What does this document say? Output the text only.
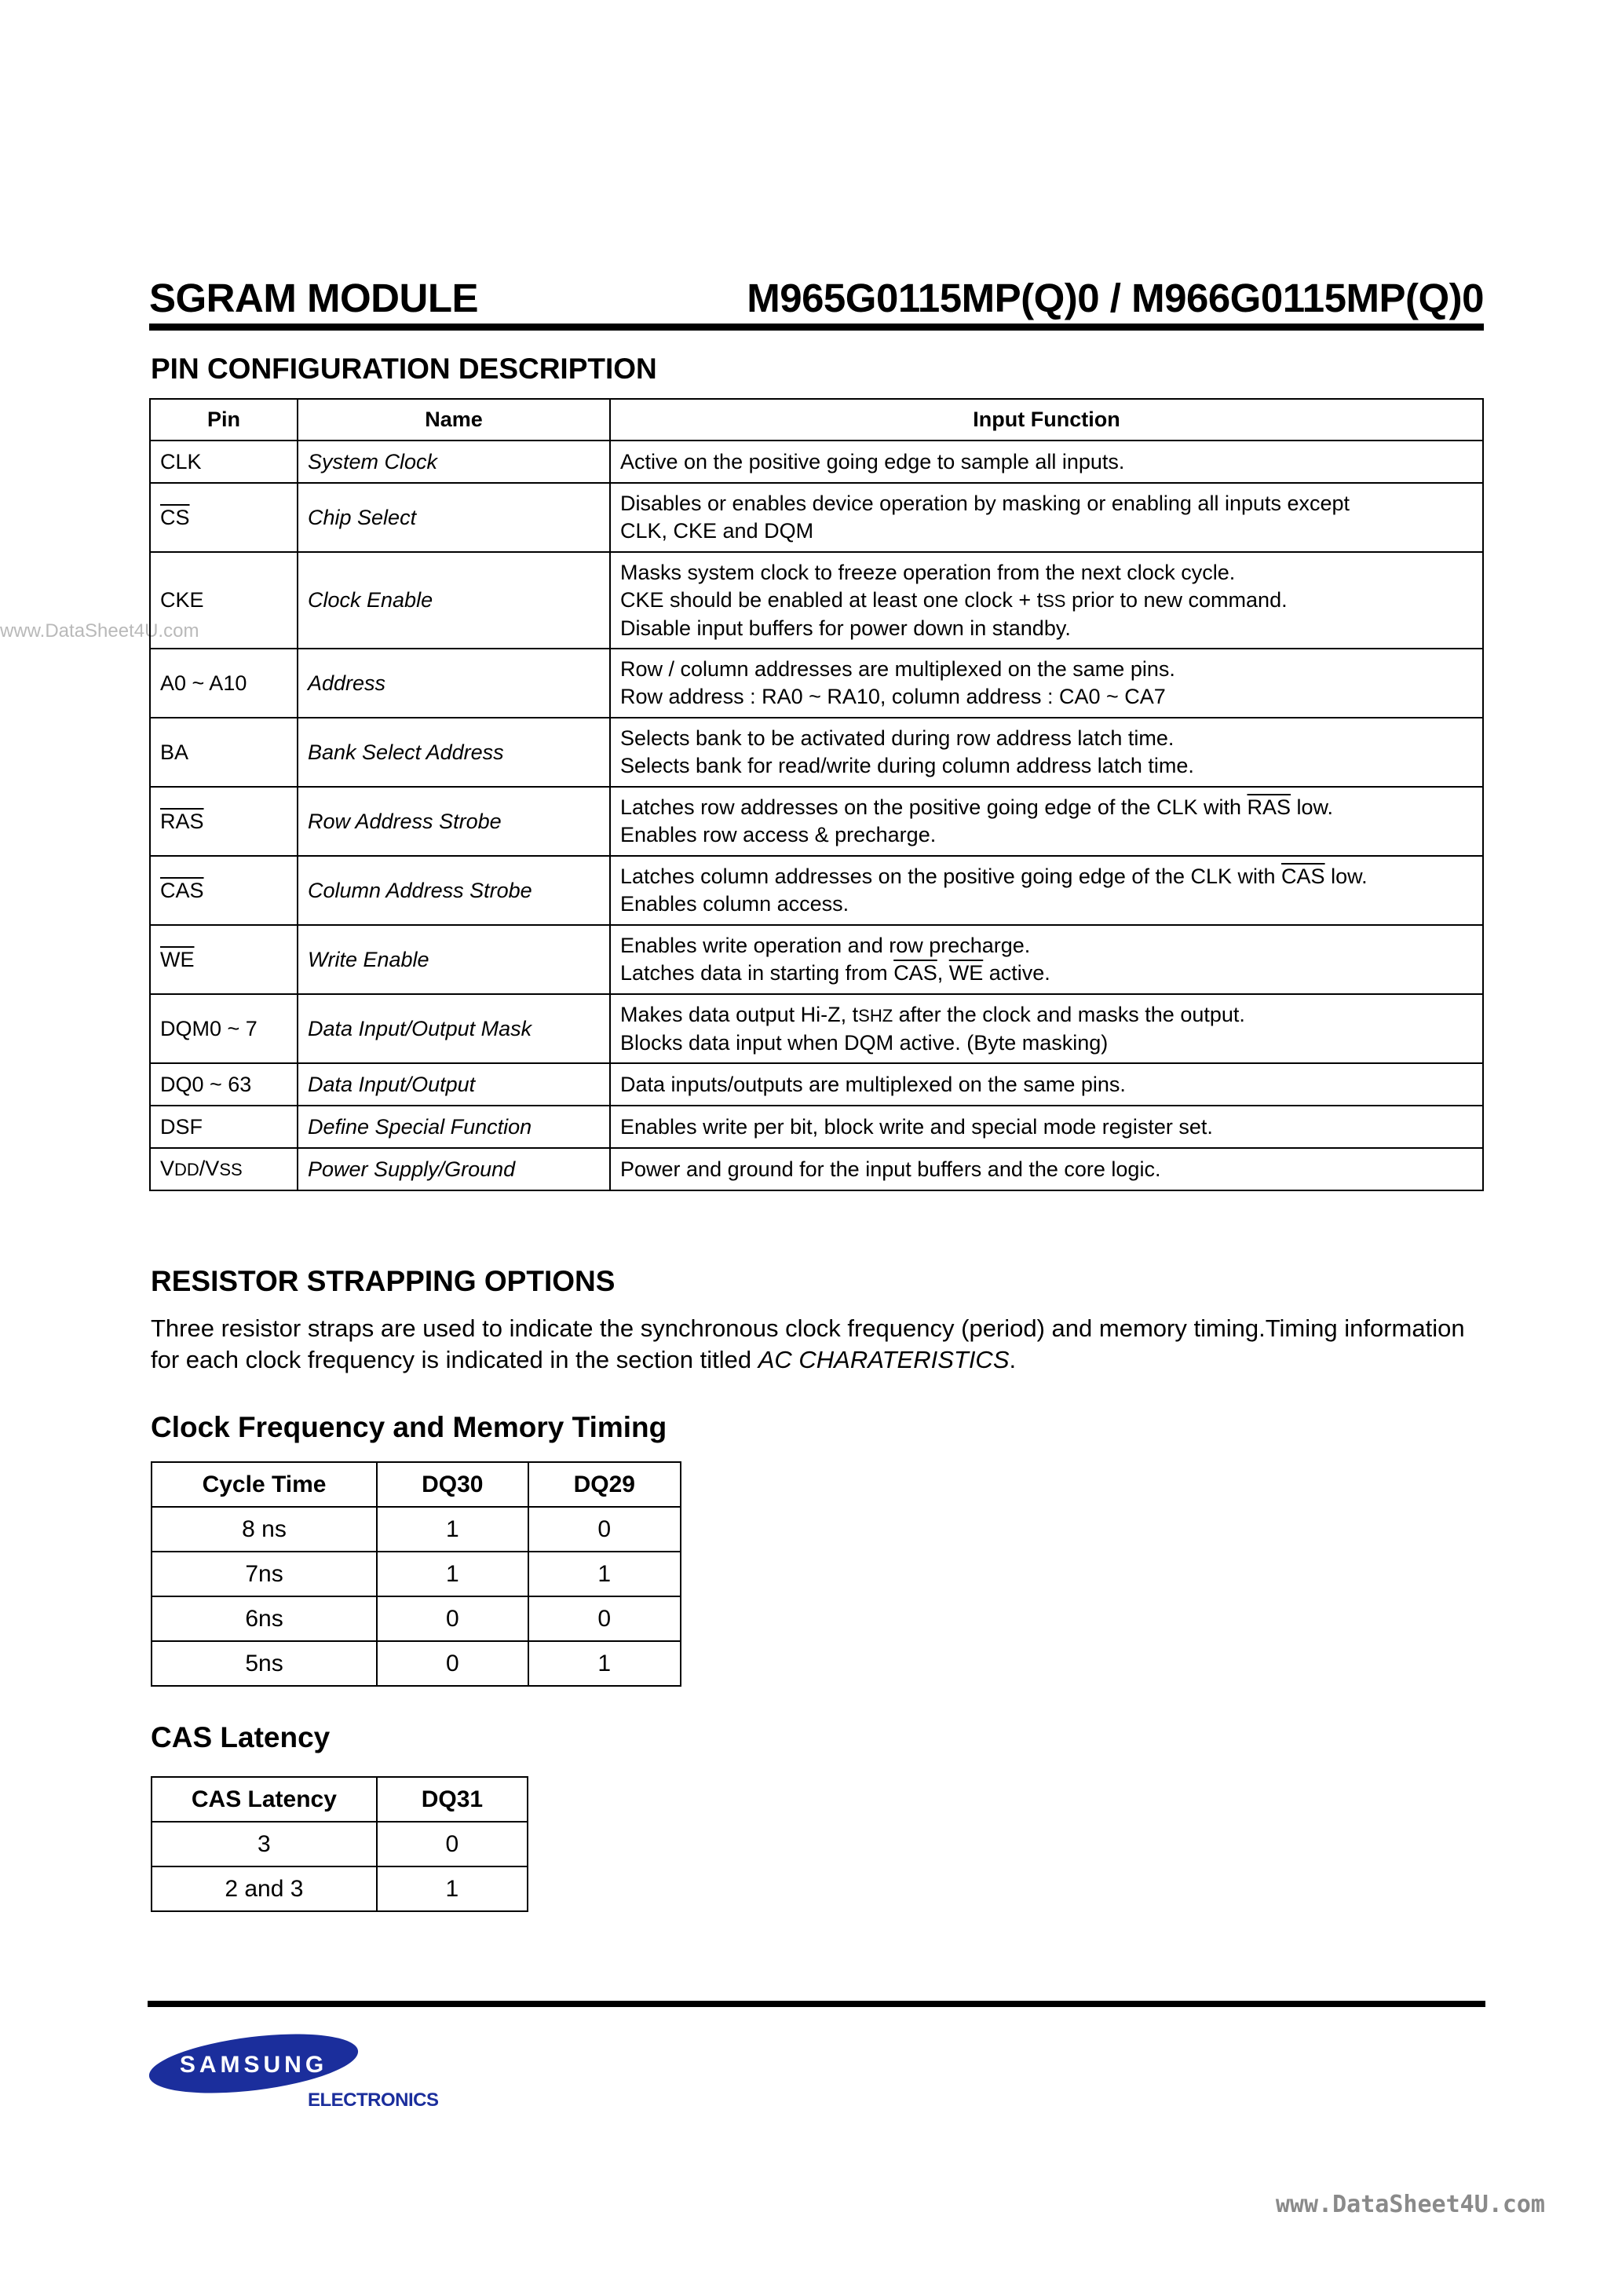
www.DataSheet4U.com
SGRAM MODULE	M965G0115MP(Q)0 / M966G0115MP(Q)0
PIN CONFIGURATION DESCRIPTION
Pin	Name	Input Function
CLK	System Clock	Active on the positive going edge to sample all inputs.
$\overline{CS}$	Chip Select	Disables or enables device operation by masking or enabling all inputs except
CLK, CKE and DQM

CKE	Clock Enable	Masks system clock to freeze operation from the next clock cycle.
CKE should be enabled at least one clock + tSS prior to new command.
Disable input buffers for power down in standby.

A0 ~ A10	Address	Row / column addresses are multiplexed on the same pins.
Row address : RA0 ~ RA10, column address : CA0 ~ CA7

BA	Bank Select Address	Selects bank to be activated during row address latch time.
Selects bank for read/write during column address latch time.

$\overline{RAS}$	Row Address Strobe	Latches row addresses on the positive going edge of the CLK with $\overline{RAS}$ low.
Enables row access & precharge.

$\overline{CAS}$	Column Address Strobe	Latches column addresses on the positive going edge of the CLK with $\overline{CAS}$ low.
Enables column access.

$\overline{WE}$	Write Enable	Enables write operation and row precharge.
Latches data in starting from $\overline{CAS}$, $\overline{WE}$ active.

DQM0 ~ 7	Data Input/Output Mask	Makes data output Hi-Z, tSHZ after the clock and masks the output.
Blocks data input when DQM active. (Byte masking)

DQ0 ~ 63	Data Input/Output	Data inputs/outputs are multiplexed on the same pins.
DSF	Define Special Function	Enables write per bit, block write and special mode register set.
VDD/VSS	Power Supply/Ground	Power and ground for the input buffers and the core logic.
RESISTOR STRAPPING OPTIONS
Three resistor straps are used to indicate the synchronous clock frequency (period) and memory timing.Timing information for each clock frequency is indicated in the section titled AC CHARATERISTICS.
Clock Frequency and Memory Timing
Cycle Time	DQ30	DQ29
8 ns	1	0
7ns	1	1
6ns	0	0
5ns	0	1
CAS Latency
CAS Latency	DQ31
3	0
2 and 3	1
SAMSUNG
ELECTRONICS
www.DataSheet4U.com
